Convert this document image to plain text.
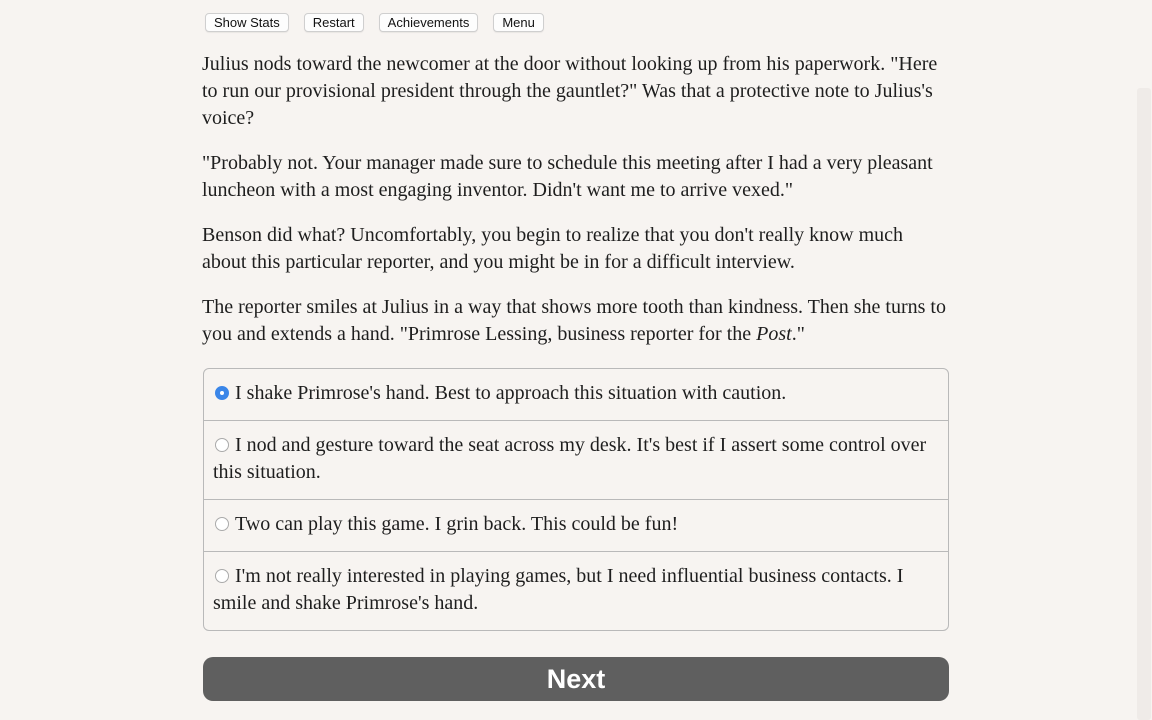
Show Stats	Restart	Achievements	Menu

Julius nods toward the newcomer at the door without looking up from his paperwork. "Here to run our provisional president through the gauntlet?" Was that a protective note to Julius's voice?

"Probably not. Your manager made sure to schedule this meeting after I had a very pleasant luncheon with a most engaging inventor. Didn't want me to arrive vexed."

Benson did what? Uncomfortably, you begin to realize that you don't really know much about this particular reporter, and you might be in for a difficult interview.

The reporter smiles at Julius in a way that shows more tooth than kindness. Then she turns to you and extends a hand. "Primrose Lessing, business reporter for the Post."

I shake Primrose's hand. Best to approach this situation with caution.
I nod and gesture toward the seat across my desk. It's best if I assert some control over this situation.
Two can play this game. I grin back. This could be fun!
I'm not really interested in playing games, but I need influential business contacts. I smile and shake Primrose's hand.
Next
